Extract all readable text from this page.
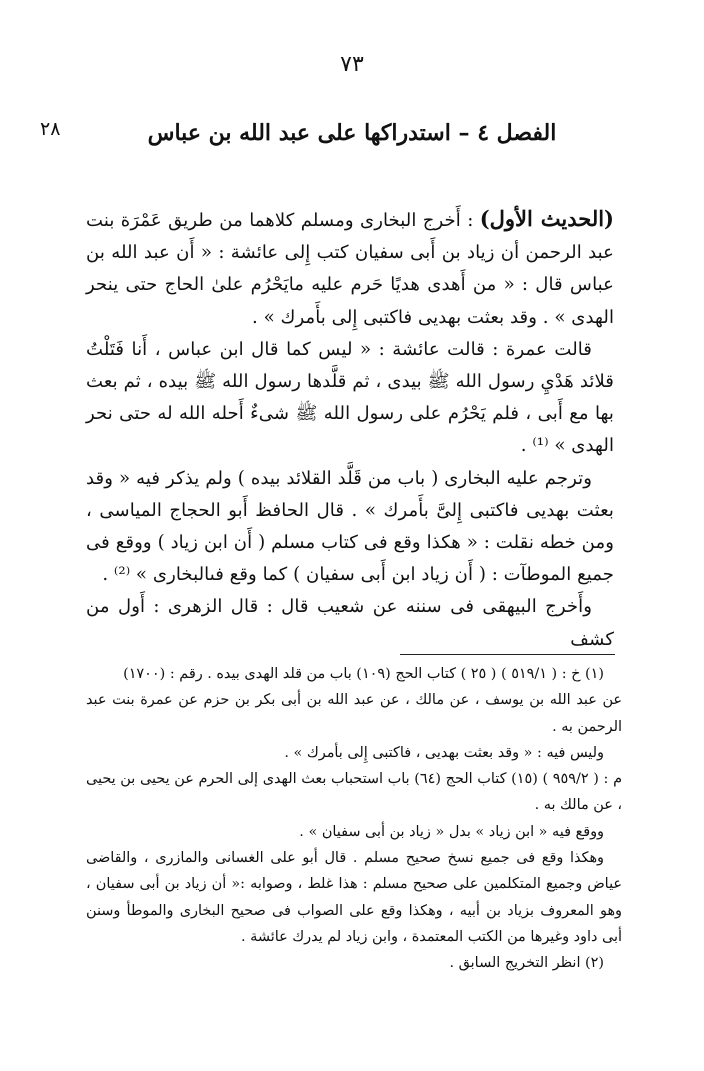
٧٣
٢٨	الفصل ٤ – استدراكها على عبد الله بن عباس

(الحديث الأول) : أَخرج البخارى ومسلم كلاهما من طريق عَمْرَة بنت عبد الرحمن أن زياد بن أَبى سفيان كتب إِلى عائشة : « أَن عبد الله بن عباس قال : « من أَهدى هديًا حَرم عليه مايَحْرُم علىٰ الحاج حتى ينحر الهدى » . وقد بعثت بهديى فاكتبى إِلى بأَمرك » .

قالت عمرة : قالت عائشة : « ليس كما قال ابن عباس ، أَنا فَتَلْتُ قلائد هَدْيِ رسول الله ﷺ بيدى ، ثم قلَّدها رسول الله ﷺ بيده ، ثم بعث بها مع أَبى ، فلم يَحْرُم على رسول الله ﷺ شىءٌ أَحله الله له حتى نحر الهدى » ⁽¹⁾ .

وترجم عليه البخارى ( باب من قَلَّد القلائد بيده ) ولم يذكر فيه « وقد بعثت بهديى فاكتبى إِلىَّ بأَمرك » . قال الحافظ أَبو الحجاج المياسى ، ومن خطه نقلت : « هكذا وقع فى كتاب مسلم ( أَن ابن زياد ) ووقع فى جميع الموطآت : ( أَن زياد ابن أَبى سفيان ) كما وقع فىالبخارى » ⁽²⁾ .

وأَخرج البيهقى فى سننه عن شعيب قال : قال الزهرى : أَول من كشف

(١) خ : ( ٥١٩/١ ) ( ٢٥ ) كتاب الحج (١٠٩) باب من قلد الهدى بيده . رقم : (١٧٠٠)

عن عبد الله بن يوسف ، عن مالك ، عن عبد الله بن أبى بكر بن حزم عن عمرة بنت عبد الرحمن به .

وليس فيه : « وقد بعثت بهديى ، فاكتبى إِلى بأمرك » .

م : ( ٩٥٩/٢ ) (١٥) كتاب الحج (٦٤) باب استحباب بعث الهدى إلى الحرم عن يحيى بن يحيى ، عن مالك به .

ووقع فيه « ابن زياد » بدل « زياد بن أبى سفيان » .

وهكذا وقع فى جميع نسخ صحيح مسلم . قال أبو على الغسانى والمازرى ، والقاضى عياض وجميع المتكلمين على صحيح مسلم : هذا غلط ، وصوابه :« أن زياد بن أبى سفيان ، وهو المعروف بزياد بن أبيه ، وهكذا وقع على الصواب فى صحيح البخارى والموطأ وسنن أبى داود وغيرها من الكتب المعتمدة ، وابن زياد لم يدرك عائشة .

(٢) انظر التخريج السابق .
